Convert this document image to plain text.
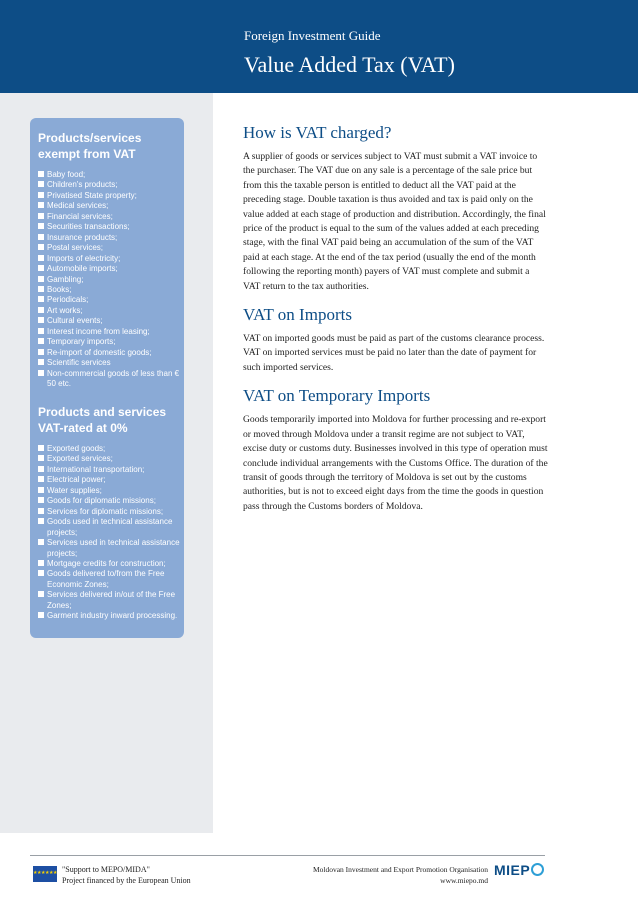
Foreign Investment Guide
Value Added Tax (VAT)
Products/services
exempt from VAT
Baby food;
Children's products;
Privatised State property;
Medical services;
Financial services;
Securities transactions;
Insurance products;
Postal services;
Imports of electricity;
Automobile imports;
Gambling;
Books;
Periodicals;
Art works;
Cultural events;
Interest income from leasing;
Temporary imports;
Re-import of domestic goods;
Scientific services
Non-commercial goods of less than € 50 etc.
Products and services
VAT-rated at 0%
Exported goods;
Exported services;
International transportation;
Electrical power;
Water supplies;
Goods for diplomatic missions;
Services for diplomatic missions;
Goods used in technical assistance projects;
Services used in technical assistance projects;
Mortgage credits for construction;
Goods delivered to/from the Free Economic Zones;
Services delivered in/out of the Free Zones;
Garment industry inward processing.
How is VAT charged?

A supplier of goods or services subject to VAT must submit a VAT invoice to the purchaser. The VAT due on any sale is a percentage of the sale price but from this the taxable person is entitled to deduct all the VAT paid at the preceding stage. Double taxation is thus avoided and tax is paid only on the value added at each stage of production and distribution. Accordingly, the final price of the product is equal to the sum of the values added at each preceding stage, with the final VAT paid being an accumulation of the sum of the VAT paid at each stage. At the end of the tax period (usually the end of the month following the reporting month) payers of VAT must complete and submit a VAT return to the tax authorities.

VAT on Imports

VAT on imported goods must be paid as part of the customs clearance process. VAT on imported services must be paid no later than the date of payment for such imported services.

VAT on Temporary Imports

Goods temporarily imported into Moldova for further processing and re-export or moved through Moldova under a transit regime are not subject to VAT, excise duty or customs duty. Businesses involved in this type of operation must conclude individual arrangements with the Customs Office. The duration of the transit of goods through the territory of Moldova is set out by the customs authorities, but is not to exceed eight days from the time the goods in question pass through the Customs borders of Moldova.

★★★★★★ "Support to MEPO/MIDA"
Project financed by the European Union
Moldovan Investment and Export Promotion Organisation
www.miepo.md
MIEP
